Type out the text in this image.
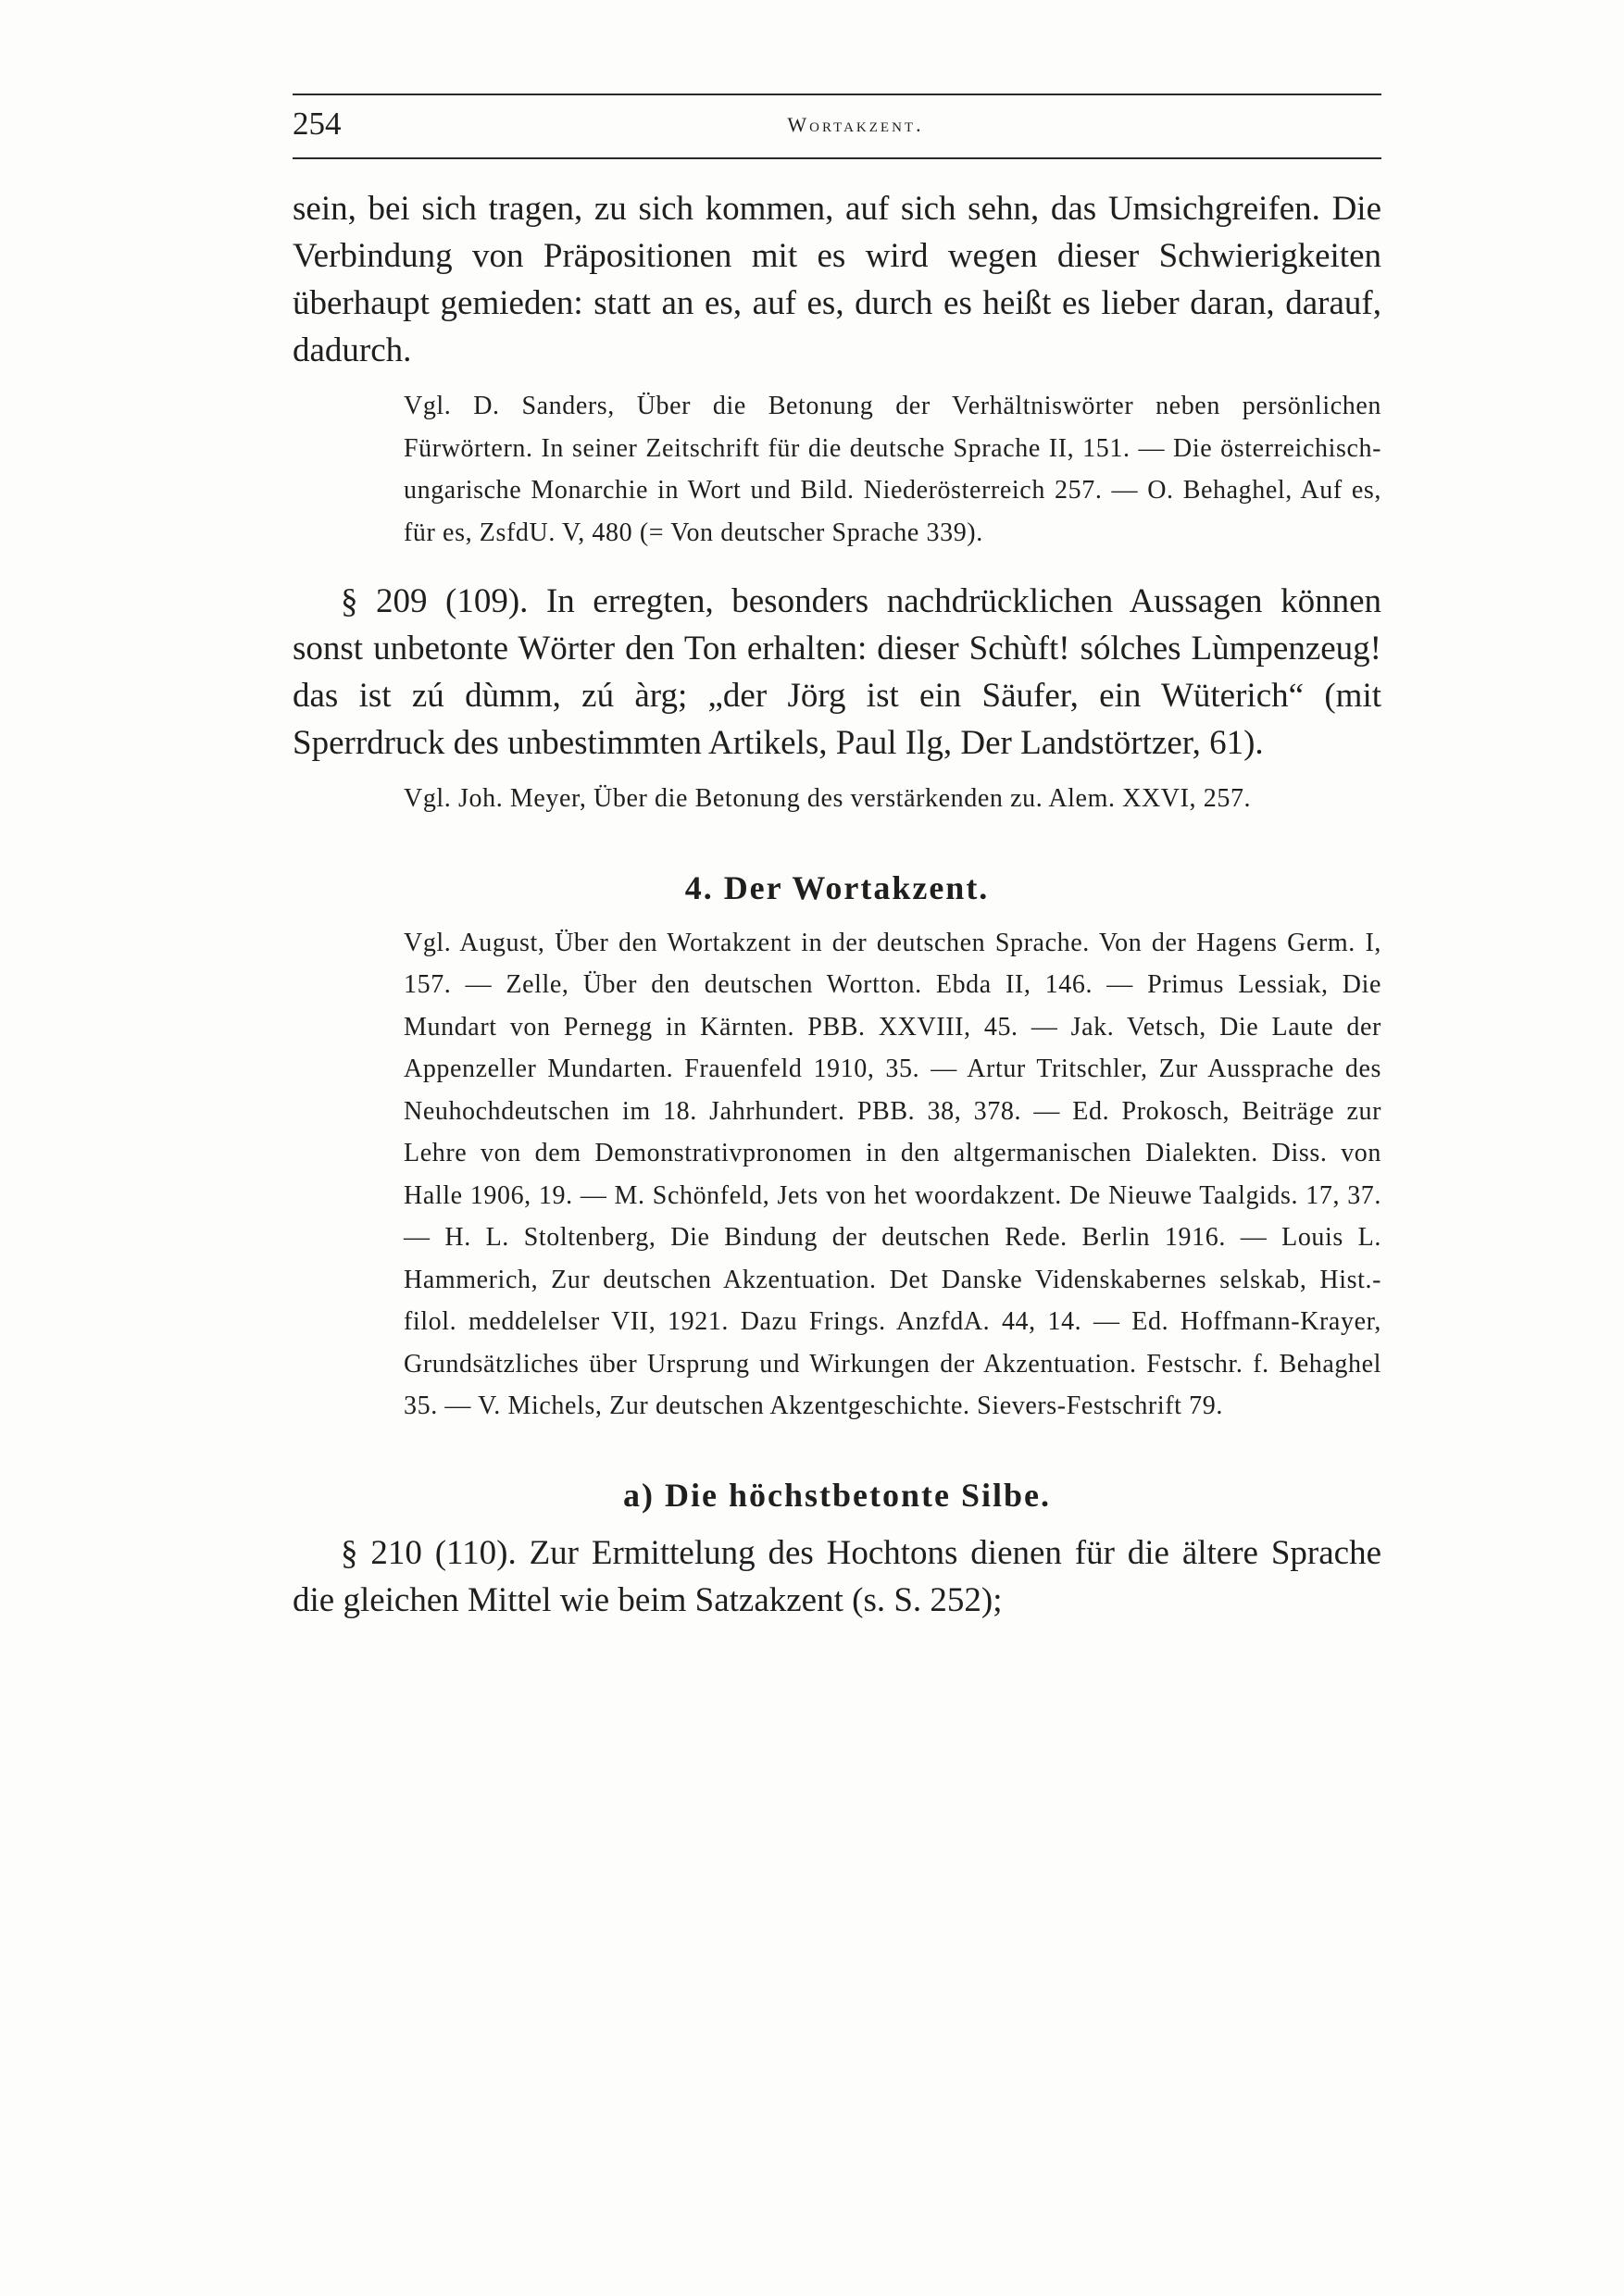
254	Wortakzent.

sein, bei sich tragen, zu sich kommen, auf sich sehn, das Umsichgreifen. Die Verbindung von Präpositionen mit es wird wegen dieser Schwierigkeiten überhaupt gemieden: statt an es, auf es, durch es heißt es lieber daran, darauf, dadurch.

Vgl. D. Sanders, Über die Betonung der Verhältniswörter neben persönlichen Fürwörtern. In seiner Zeitschrift für die deutsche Sprache II, 151. — Die österreichisch-ungarische Monarchie in Wort und Bild. Niederösterreich 257. — O. Behaghel, Auf es, für es, ZsfdU. V, 480 (= Von deutscher Sprache 339).

§ 209 (109). In erregten, besonders nachdrücklichen Aussagen können sonst unbetonte Wörter den Ton erhalten: dieser Schùft! sólches Lùmpenzeug! das ist zú dùmm, zú àrg; „der Jörg ist ein Säufer, ein Wüterich“ (mit Sperrdruck des unbestimmten Artikels, Paul Ilg, Der Landstörtzer, 61).

Vgl. Joh. Meyer, Über die Betonung des verstärkenden zu. Alem. XXVI, 257.

4. Der Wortakzent.

Vgl. August, Über den Wortakzent in der deutschen Sprache. Von der Hagens Germ. I, 157. — Zelle, Über den deutschen Wortton. Ebda II, 146. — Primus Lessiak, Die Mundart von Pernegg in Kärnten. PBB. XXVIII, 45. — Jak. Vetsch, Die Laute der Appenzeller Mundarten. Frauenfeld 1910, 35. — Artur Tritschler, Zur Aussprache des Neuhochdeutschen im 18. Jahrhundert. PBB. 38, 378. — Ed. Prokosch, Beiträge zur Lehre von dem Demonstrativpronomen in den altgermanischen Dialekten. Diss. von Halle 1906, 19. — M. Schönfeld, Jets von het woordakzent. De Nieuwe Taalgids. 17, 37. — H. L. Stoltenberg, Die Bindung der deutschen Rede. Berlin 1916. — Louis L. Hammerich, Zur deutschen Akzentuation. Det Danske Videnskabernes selskab, Hist.-filol. meddelelser VII, 1921. Dazu Frings. AnzfdA. 44, 14. — Ed. Hoffmann-Krayer, Grundsätzliches über Ursprung und Wirkungen der Akzentuation. Festschr. f. Behaghel 35. — V. Michels, Zur deutschen Akzentgeschichte. Sievers-Festschrift 79.

a) Die höchstbetonte Silbe.

§ 210 (110). Zur Ermittelung des Hochtons dienen für die ältere Sprache die gleichen Mittel wie beim Satzakzent (s. S. 252);
